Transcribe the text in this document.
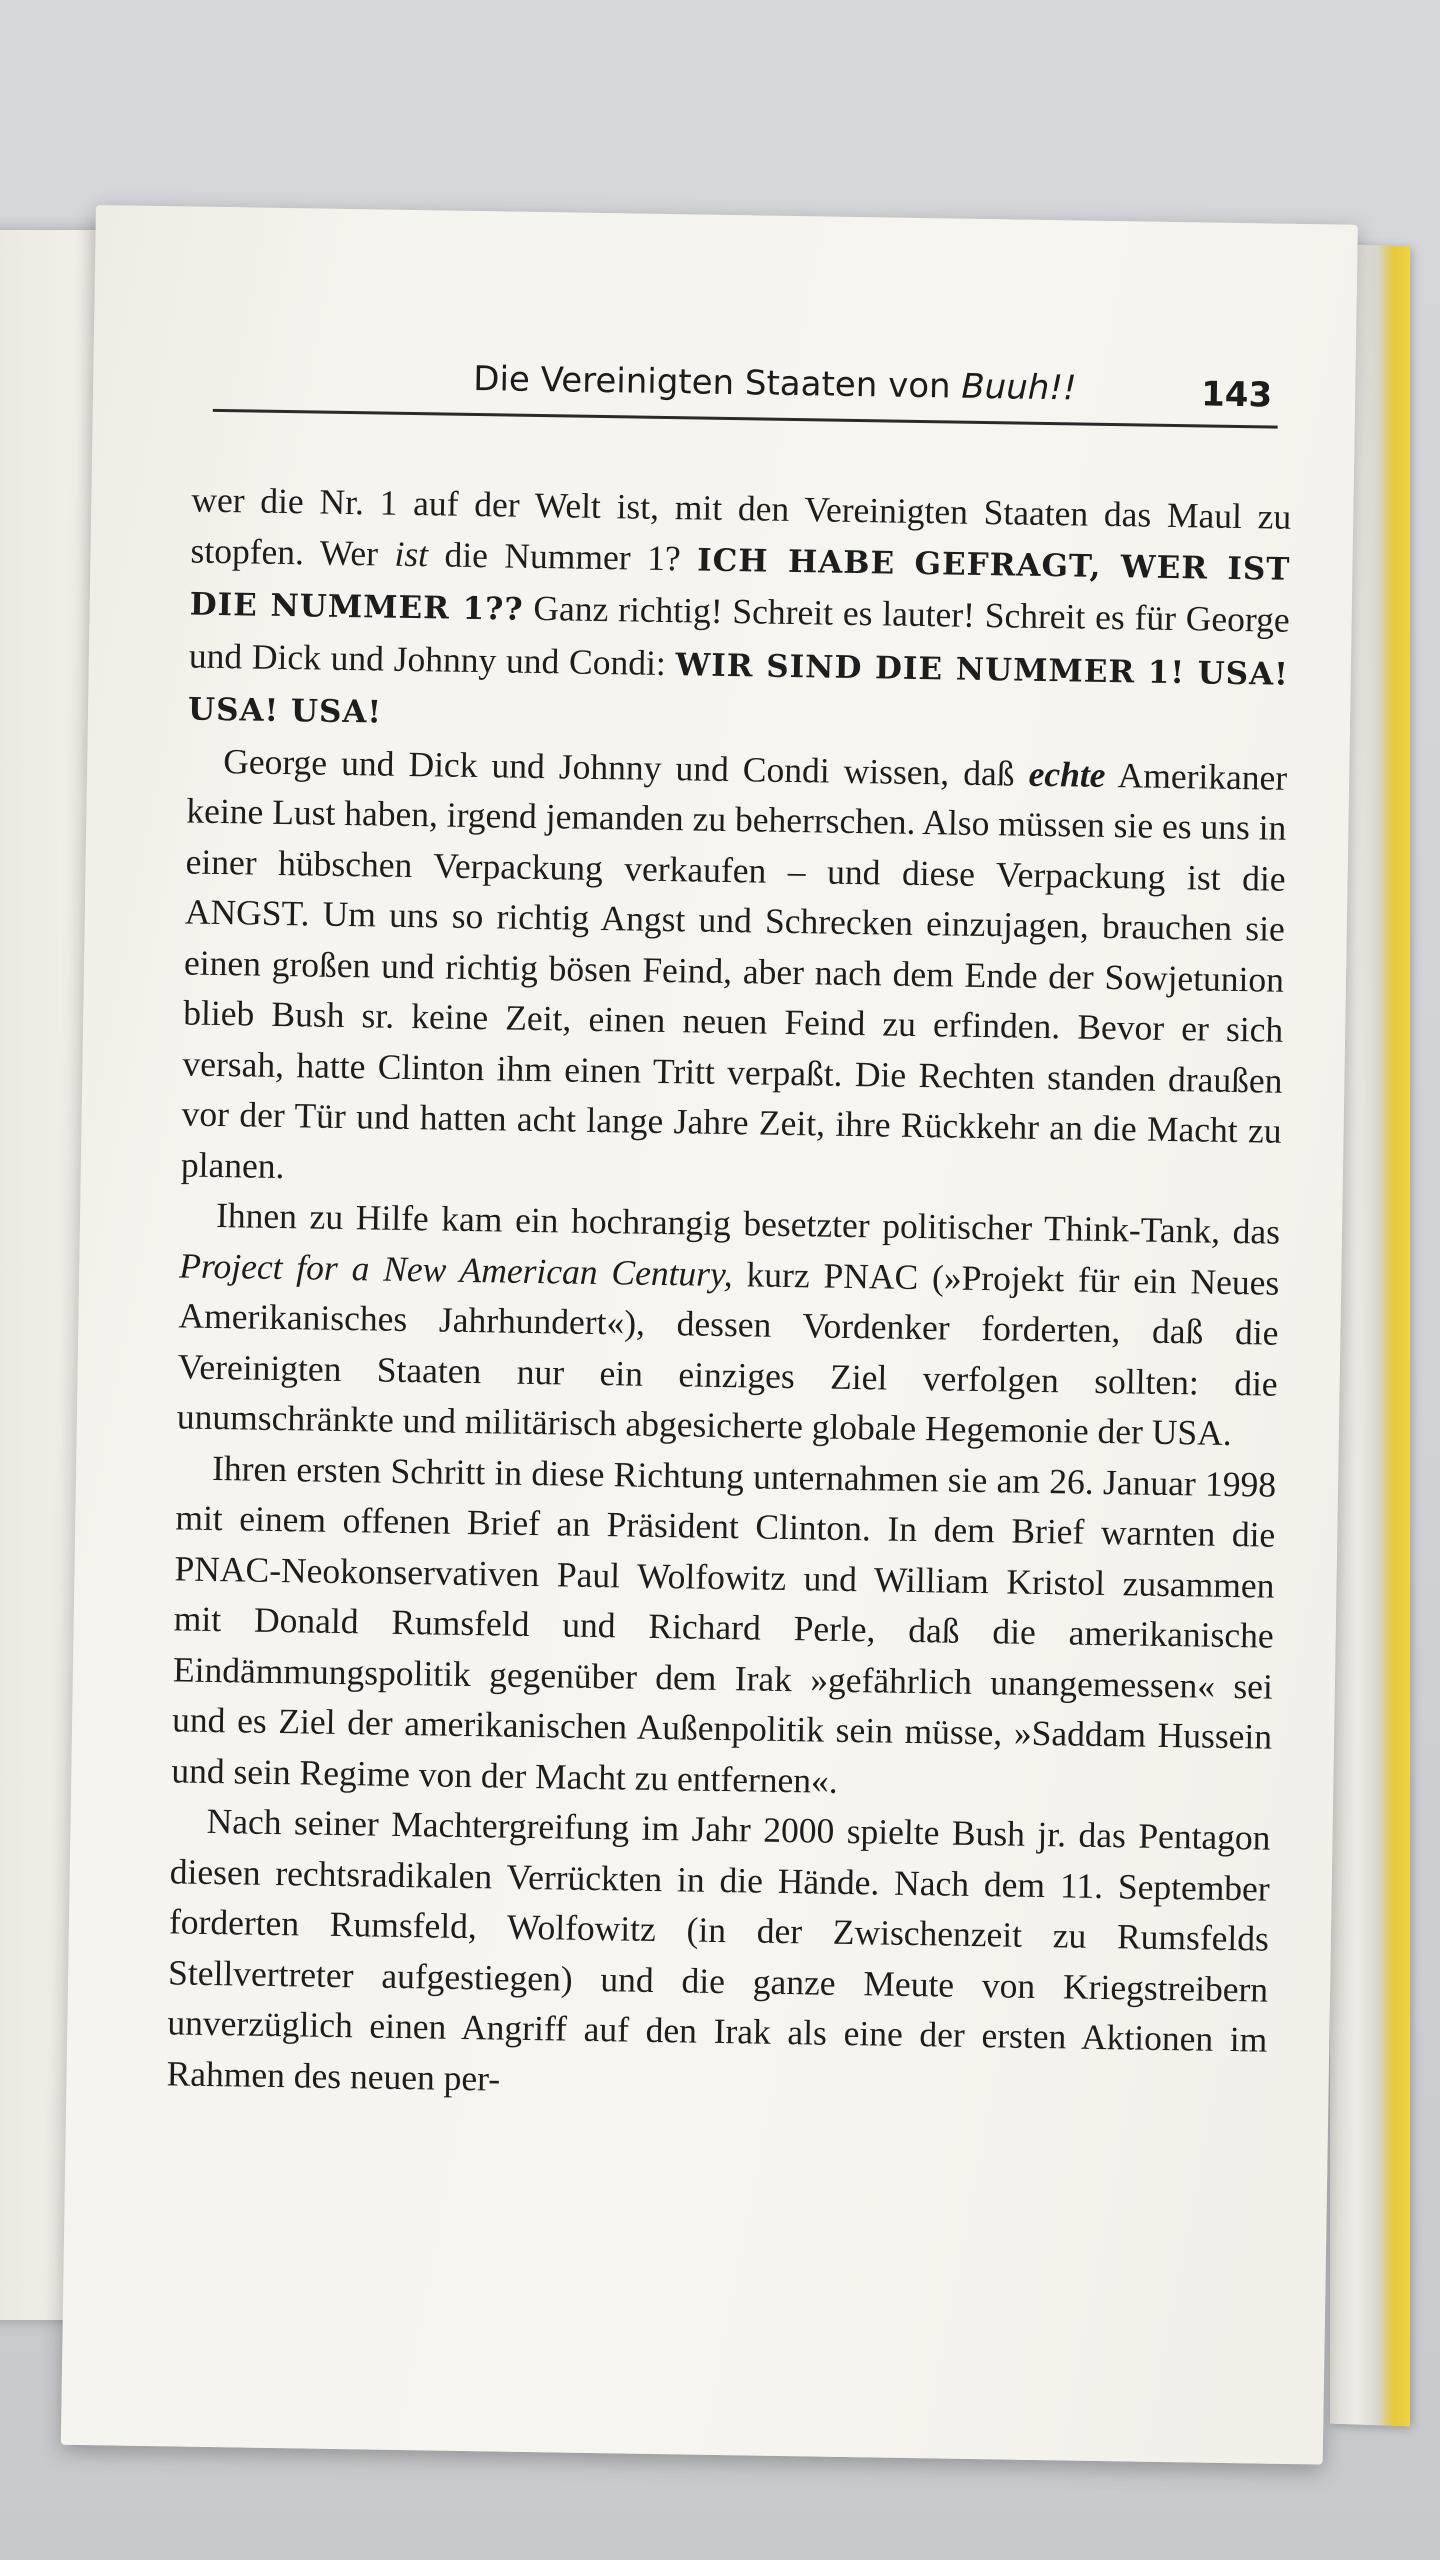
Die Vereinigten Staaten von Buuh!!	143

wer die Nr. 1 auf der Welt ist, mit den Vereinigten Staaten das Maul zu stopfen. Wer ist die Nummer 1? ICH HABE GEFRAGT, WER IST DIE NUMMER 1?? Ganz richtig! Schreit es lauter! Schreit es für George und Dick und Johnny und Condi: WIR SIND DIE NUMMER 1! USA! USA! USA!

George und Dick und Johnny und Condi wissen, daß echte Amerikaner keine Lust haben, irgend jemanden zu beherrschen. Also müssen sie es uns in einer hübschen Verpackung verkaufen – und diese Verpackung ist die ANGST. Um uns so richtig Angst und Schrecken einzujagen, brauchen sie einen großen und richtig bösen Feind, aber nach dem Ende der Sowjetunion blieb Bush sr. keine Zeit, einen neuen Feind zu erfinden. Bevor er sich versah, hatte Clinton ihm einen Tritt verpaßt. Die Rechten standen draußen vor der Tür und hatten acht lange Jahre Zeit, ihre Rückkehr an die Macht zu planen.

Ihnen zu Hilfe kam ein hochrangig besetzter politischer Think-Tank, das Project for a New American Century, kurz PNAC (»Projekt für ein Neues Amerikanisches Jahrhundert«), dessen Vordenker forderten, daß die Vereinigten Staaten nur ein einziges Ziel verfolgen sollten: die unumschränkte und militärisch abgesicherte globale Hegemonie der USA.

Ihren ersten Schritt in diese Richtung unternahmen sie am 26. Januar 1998 mit einem offenen Brief an Präsident Clinton. In dem Brief warnten die PNAC-Neokonservativen Paul Wolfowitz und William Kristol zusammen mit Donald Rumsfeld und Richard Perle, daß die amerikanische Eindämmungspolitik gegenüber dem Irak »gefährlich unangemessen« sei und es Ziel der amerikanischen Außenpolitik sein müsse, »Saddam Hussein und sein Regime von der Macht zu entfernen«.

Nach seiner Machtergreifung im Jahr 2000 spielte Bush jr. das Pentagon diesen rechtsradikalen Verrückten in die Hände. Nach dem 11. September forderten Rumsfeld, Wolfowitz (in der Zwischenzeit zu Rumsfelds Stellvertreter aufgestiegen) und die ganze Meute von Kriegstreibern unverzüglich einen Angriff auf den Irak als eine der ersten Aktionen im Rahmen des neuen per-
